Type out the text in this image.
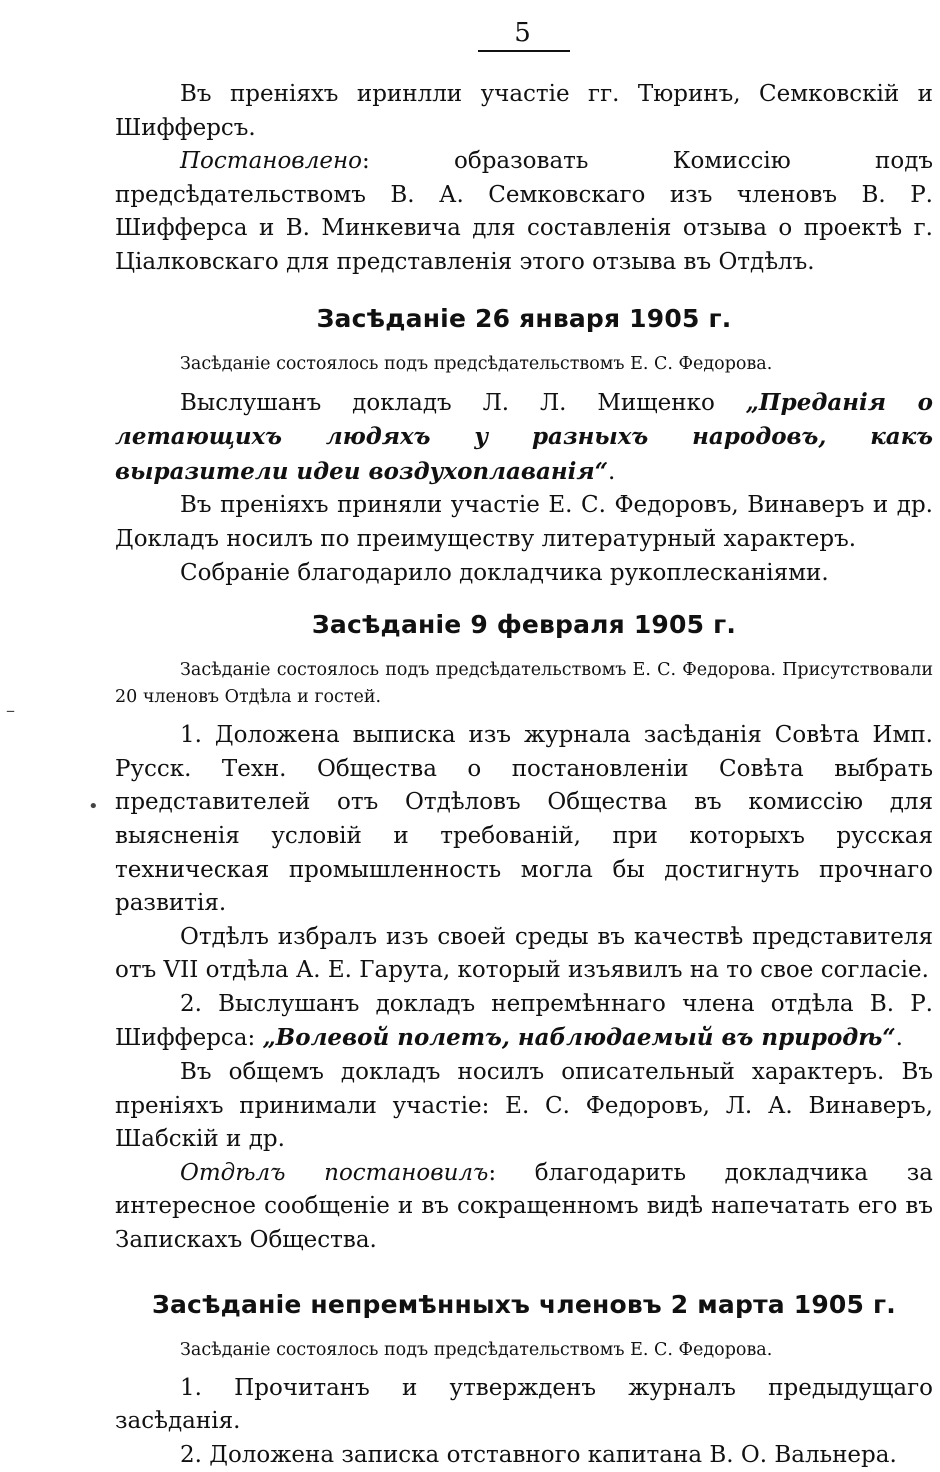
5

Въ преніяхъ иринлли участіе гг. Тюринъ, Семковскій и Шифферсъ.

Постановлено: образовать Комиссію подъ предсѣдательствомъ В. А. Семковскаго изъ членовъ В. Р. Шифферса и В. Минкевича для составленія отзыва о проектѣ г. Ціалковскаго для представленія этого отзыва въ Отдѣлъ.

Засѣданіе 26 января 1905 г.
Засѣданіе состоялось подъ предсѣдательствомъ Е. С. Федорова.

Выслушанъ докладъ Л. Л. Мищенко „Преданія о летающихъ людяхъ у разныхъ народовъ, какъ выразители идеи воздухоплаванія“.

Въ преніяхъ приняли участіе Е. С. Федоровъ, Винаверъ и др. Докладъ носилъ по преимуществу литературный характеръ.

Собраніе благодарило докладчика рукоплесканіями.

Засѣданіе 9 февраля 1905 г.
Засѣданіе состоялось подъ предсѣдательствомъ Е. С. Федорова. Присутствовали 20 членовъ Отдѣла и гостей.

1. Доложена выписка изъ журнала засѣданія Совѣта Имп. Русск. Техн. Общества о постановленіи Совѣта выбрать представителей отъ Отдѣловъ Общества въ комиссію для выясненія условій и требованій, при которыхъ русская техническая промышленность могла бы достигнуть прочнаго развитія.

Отдѣлъ избралъ изъ своей среды въ качествѣ представителя отъ VII отдѣла А. Е. Гарута, который изъявилъ на то свое согласіе.

2. Выслушанъ докладъ непремѣннаго члена отдѣла В. Р. Шифферса: „Волевой полетъ, наблюдаемый въ природѣ“.

Въ общемъ докладъ носилъ описательный характеръ. Въ преніяхъ принимали участіе: Е. С. Федоровъ, Л. А. Винаверъ, Шабскій и др.

Отдѣлъ постановилъ: благодарить докладчика за интересное сообщеніе и въ сокращенномъ видѣ напечатать его въ Запискахъ Общества.

Засѣданіе непремѣнныхъ членовъ 2 марта 1905 г.
Засѣданіе состоялось подъ предсѣдательствомъ Е. С. Федорова.

1. Прочитанъ и утвержденъ журналъ предыдущаго засѣданія.

2. Доложена записка отставного капитана В. О. Вальнера.

–
•
